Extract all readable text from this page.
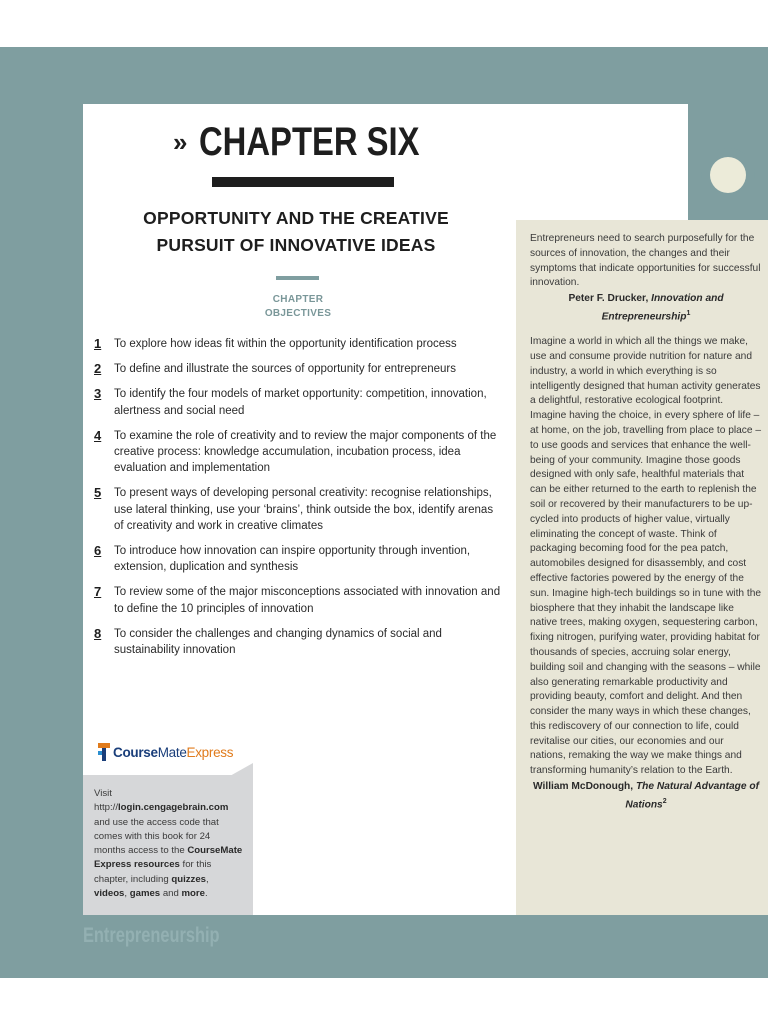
» CHAPTER SIX
OPPORTUNITY AND THE CREATIVE
PURSUIT OF INNOVATIVE IDEAS
CHAPTER
OBJECTIVES
1	To explore how ideas fit within the opportunity identification process
2	To define and illustrate the sources of opportunity for entrepreneurs
3	To identify the four models of market opportunity: competition, innovation, alertness and social need
4	To examine the role of creativity and to review the major components of the creative process: knowledge accumulation, incubation process, idea evaluation and implementation
5	To present ways of developing personal creativity: recognise relationships, use lateral thinking, use your ‘brains’, think outside the box, identify arenas of creativity and work in creative climates
6	To introduce how innovation can inspire opportunity through invention, extension, duplication and synthesis
7	To review some of the major misconceptions associated with innovation and to define the 10 principles of innovation
8	To consider the challenges and changing dynamics of social and sustainability innovation

Entrepreneurs need to search purposefully for the sources of innovation, the changes and their symptoms that indicate opportunities for successful innovation.

Peter F. Drucker, Innovation and Entrepreneurship$^1$

Imagine a world in which all the things we make, use and consume provide nutrition for nature and industry, a world in which everything is so intelligently designed that human activity generates a delightful, restorative ecological footprint. Imagine having the choice, in every sphere of life – at home, on the job, travelling from place to place – to use goods and services that enhance the well-being of your community. Imagine those goods designed with only safe, healthful materials that can be either returned to the earth to replenish the soil or recovered by their manufacturers to be up-cycled into products of higher value, virtually eliminating the concept of waste. Think of packaging becoming food for the pea patch, automobiles designed for disassembly, and cost effective factories powered by the energy of the sun. Imagine high-tech buildings so in tune with the biosphere that they inhabit the landscape like native trees, making oxygen, sequestering carbon, fixing nitrogen, purifying water, providing habitat for thousands of species, accruing solar energy, building soil and changing with the seasons – while also generating remarkable productivity and providing beauty, comfort and delight. And then consider the many ways in which these changes, this rediscovery of our connection to life, could revitalise our cities, our economies and our nations, remaking the way we make things and transforming humanity’s relation to the Earth.

William McDonough, The Natural Advantage of Nations$^2$

Course Mate Express
Visit http://login.cengagebrain.com and use the access code that comes with this book for 24 months access to the CourseMate Express resources for this chapter, including quizzes, videos, games and more.
Entrepreneurship
